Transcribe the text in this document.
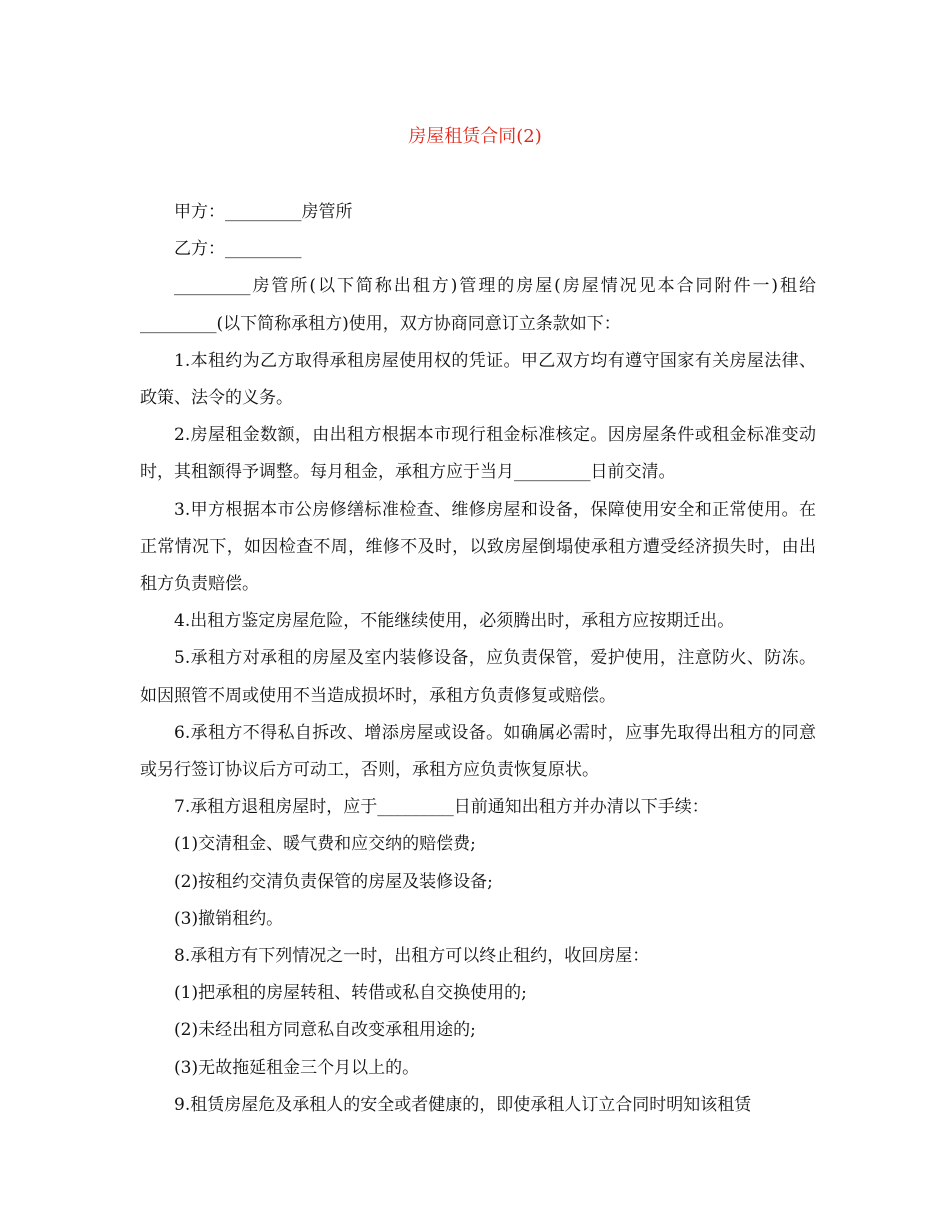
房屋租赁合同(2)

甲方：_________房管所

乙方：_________

_________房管所(以下简称出租方)管理的房屋(房屋情况见本合同附件一)租给_________(以下简称承租方)使用，双方协商同意订立条款如下：

1.本租约为乙方取得承租房屋使用权的凭证。甲乙双方均有遵守国家有关房屋法律、政策、法令的义务。

2.房屋租金数额，由出租方根据本市现行租金标准核定。因房屋条件或租金标准变动时，其租额得予调整。每月租金，承租方应于当月_________日前交清。

3.甲方根据本市公房修缮标准检查、维修房屋和设备，保障使用安全和正常使用。在正常情况下，如因检查不周，维修不及时，以致房屋倒塌使承租方遭受经济损失时，由出租方负责赔偿。

4.出租方鉴定房屋危险，不能继续使用，必须腾出时，承租方应按期迁出。

5.承租方对承租的房屋及室内装修设备，应负责保管，爱护使用，注意防火、防冻。如因照管不周或使用不当造成损坏时，承租方负责修复或赔偿。

6.承租方不得私自拆改、增添房屋或设备。如确属必需时，应事先取得出租方的同意或另行签订协议后方可动工，否则，承租方应负责恢复原状。

7.承租方退租房屋时，应于_________日前通知出租方并办清以下手续：

(1)交清租金、暖气费和应交纳的赔偿费;

(2)按租约交清负责保管的房屋及装修设备;

(3)撤销租约。

8.承租方有下列情况之一时，出租方可以终止租约，收回房屋：

(1)把承租的房屋转租、转借或私自交换使用的;

(2)未经出租方同意私自改变承租用途的;

(3)无故拖延租金三个月以上的。

9.租赁房屋危及承租人的安全或者健康的，即使承租人订立合同时明知该租赁
